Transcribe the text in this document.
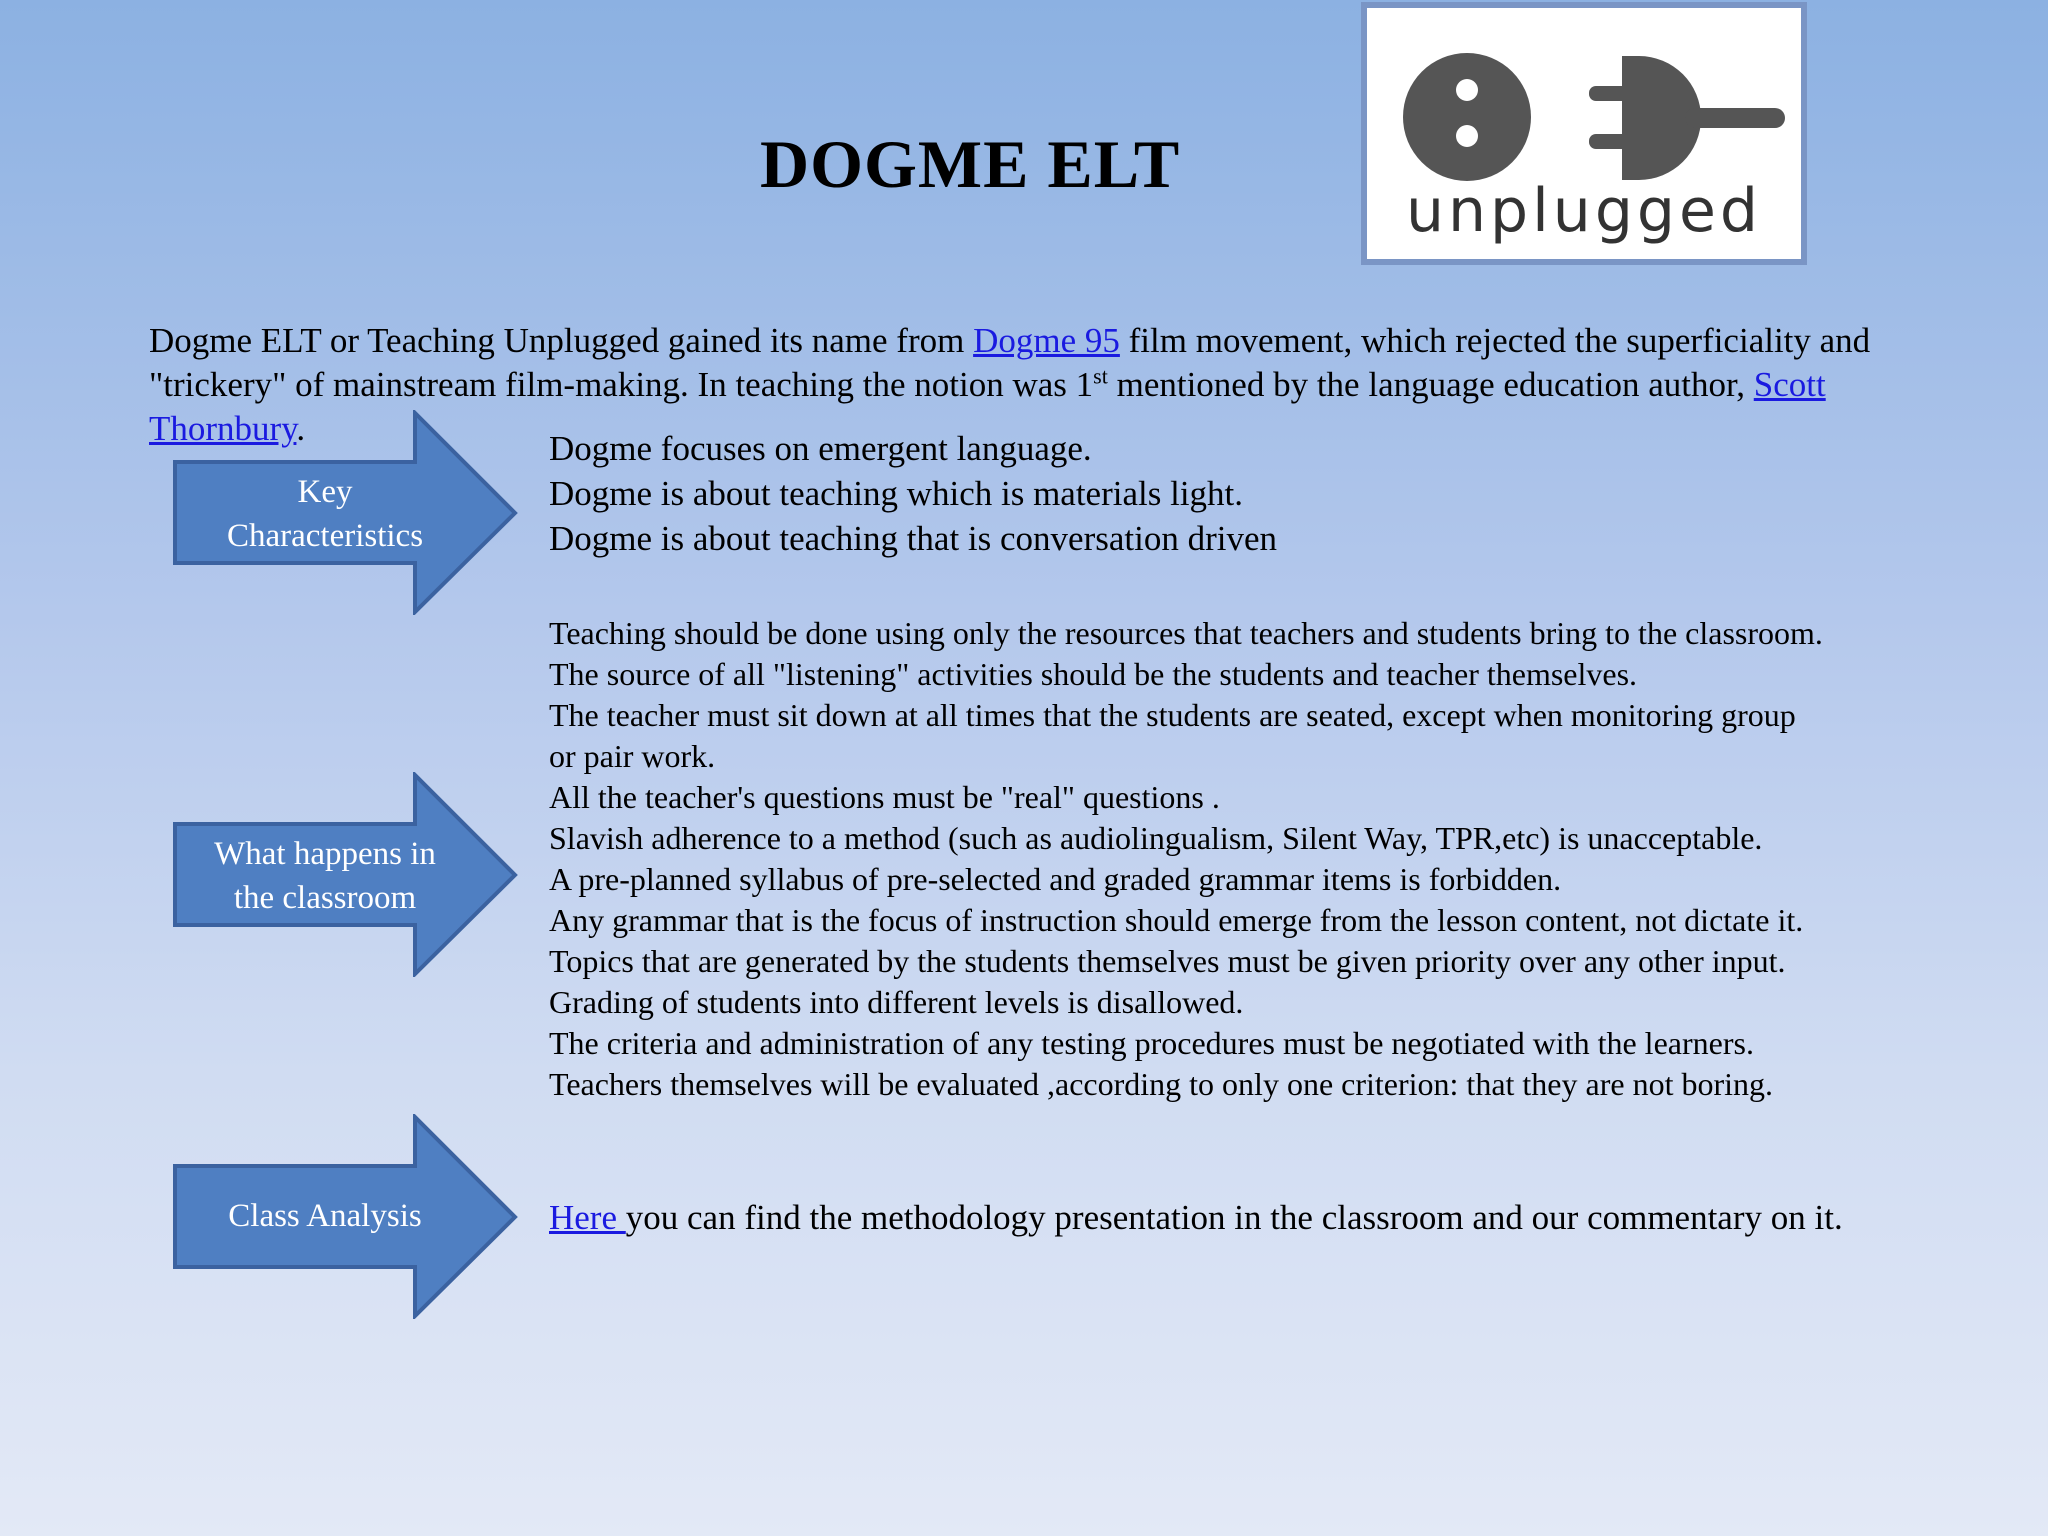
DOGME ELT
unplugged

Dogme ELT or Teaching Unplugged gained its name from Dogme 95 film movement, which rejected the superficiality and "trickery" of mainstream film-making. In teaching the notion was 1st mentioned by the language education author, Scott Thornbury.

Key
Characteristics
What happens in
the classroom
Class Analysis
Dogme focuses on emergent language.
Dogme is about teaching which is materials light.
Dogme is about teaching that is conversation driven
Teaching should be done using only the resources that teachers and students bring to the classroom.
The source of all "listening" activities should be the students and teacher themselves.
The teacher must sit down at all times that the students are seated, except when monitoring group
or pair work.
All the teacher's questions must be "real" questions .
Slavish adherence to a method (such as audiolingualism, Silent Way, TPR,etc) is unacceptable.
A pre-planned syllabus of pre-selected and graded grammar items is forbidden.
Any grammar that is the focus of instruction should emerge from the lesson content, not dictate it.
Topics that are generated by the students themselves must be given priority over any other input.
Grading of students into different levels is disallowed.
The criteria and administration of any testing procedures must be negotiated with the learners.
Teachers themselves will be evaluated ,according to only one criterion: that they are not boring.
Here you can find the methodology presentation in the classroom and our commentary on it.
